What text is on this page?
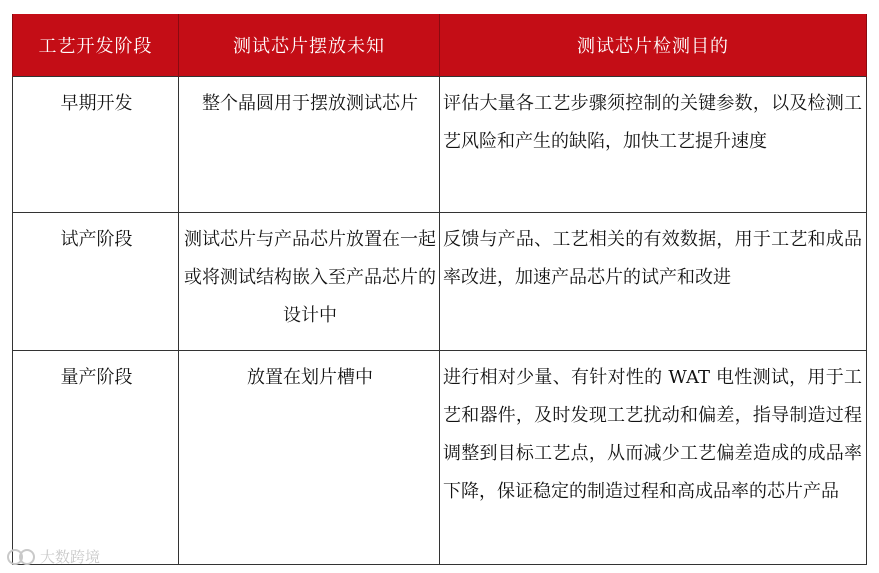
工艺开发阶段	测试芯片摆放未知	测试芯片检测目的
早期开发	整个晶圆用于摆放测试芯片	评估大量各工艺步骤须控制的关键参数，以及检测工艺风险和产生的缺陷，加快工艺提升速度
试产阶段	测试芯片与产品芯片放置在一起或将测试结构嵌入至产品芯片的设计中	反馈与产品、工艺相关的有效数据，用于工艺和成品率改进，加速产品芯片的试产和改进
量产阶段	放置在划片槽中	进行相对少量、有针对性的 WAT 电性测试，用于工艺和器件，及时发现工艺扰动和偏差，指导制造过程调整到目标工艺点，从而减少工艺偏差造成的成品率下降，保证稳定的制造过程和高成品率的芯片产品
大数跨境
